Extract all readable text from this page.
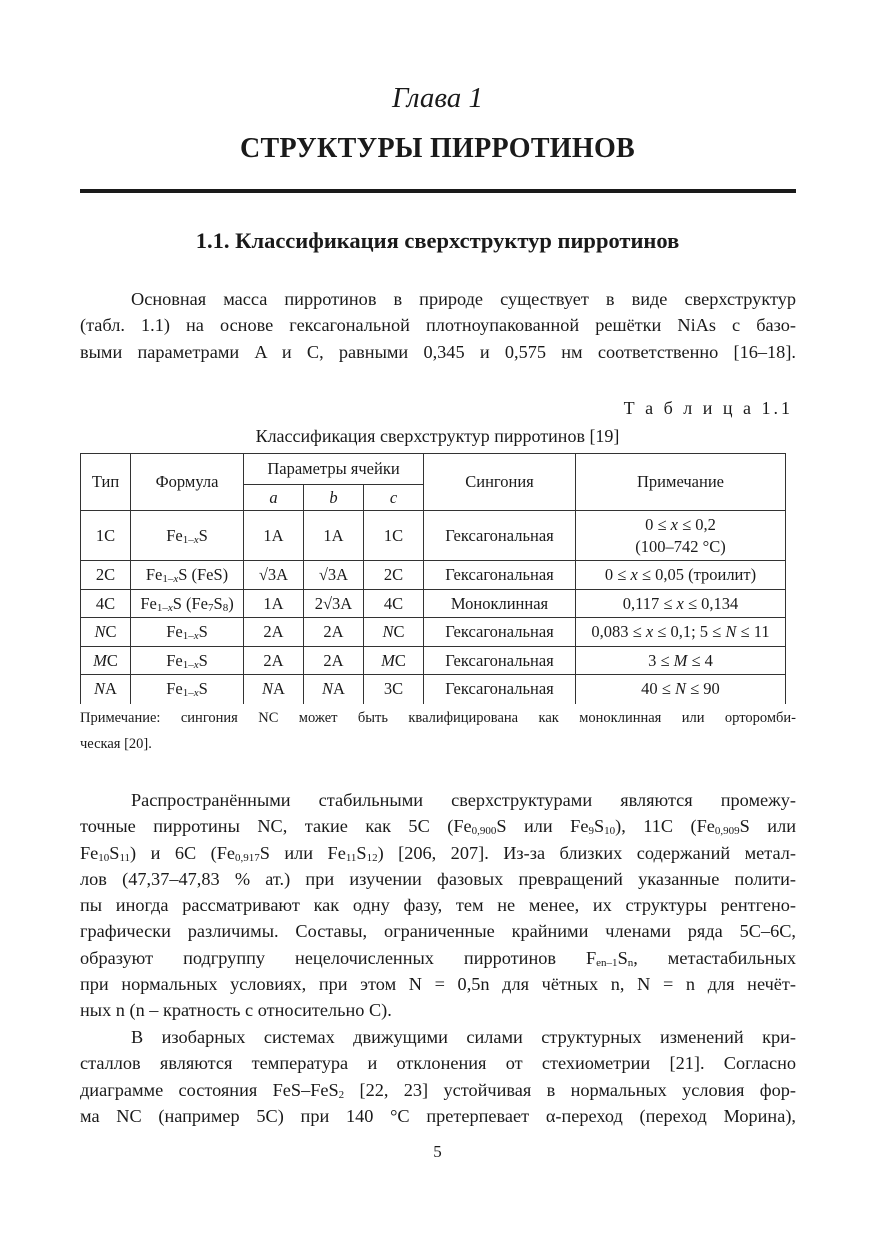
Глава 1
СТРУКТУРЫ ПИРРОТИНОВ
1.1. Классификация сверхструктур пирротинов
Основная масса пирротинов в природе существует в виде сверхструктур
(табл. 1.1) на основе гексагональной плотноупакованной решётки NiAs с базо-
выми параметрами A и C, равными 0,345 и 0,575 нм соответственно [16–18].
Т а б л и ц а 1.1
Классификация сверхструктур пирротинов [19]
Тип	Формула	Параметры ячейки			Сингония	Примечание
		a	b	c		
1C	$Fe_{1-x}S$	1A	1A	1C	Гексагональная	0 ≤ x ≤ 0,2
(100–742 °C)
2C	$Fe_{1-x}S$ (FeS)	√3A	√3A	2C	Гексагональная	0 ≤ x ≤ 0,05 (троилит)
4C	$Fe_{1-x}S$ $(Fe_7S_8)$	1A	2√3A	4C	Моноклинная	0,117 ≤ x ≤ 0,134
NC	$Fe_{1-x}S$	2A	2A	NC	Гексагональная	0,083 ≤ x ≤ 0,1; 5 ≤ N ≤ 11
MC	$Fe_{1-x}S$	2A	2A	MC	Гексагональная	3 ≤ M ≤ 4
NA	$Fe_{1-x}S$	NA	NA	3C	Гексагональная	40 ≤ N ≤ 90
Примечание: сингония NC может быть квалифицирована как моноклинная или орторомби-
ческая [20].
Распространёнными стабильными сверхструктурами являются промежу-
точные пирротины NC, такие как 5C ($Fe_{0,900}S$ или $Fe_9S_{10}$), 11C ($Fe_{0,909}S$ или
$Fe_{10}S_{11}$) и 6C ($Fe_{0,917}S$ или $Fe_{11}S_{12}$) [206, 207]. Из-за близких содержаний метал-
лов (47,37–47,83 % ат.) при изучении фазовых превращений указанные полити-
пы иногда рассматривают как одну фазу, тем не менее, их структуры рентгено-
графически различимы. Составы, ограниченные крайними членами ряда 5C–6C,
образуют подгруппу нецелочисленных пирротинов $F_{en-1}S_n$, метастабильных
при нормальных условиях, при этом N = 0,5n для чётных n, N = n для нечёт-
ных n (n – кратность с относительно C).
В изобарных системах движущими силами структурных изменений кри-
сталлов являются температура и отклонения от стехиометрии [21]. Согласно
диаграмме состояния FeS–FeS$_2$ [22, 23] устойчивая в нормальных условия фор-
ма NC (например 5C) при 140 °C претерпевает α-переход (переход Морина),
5
